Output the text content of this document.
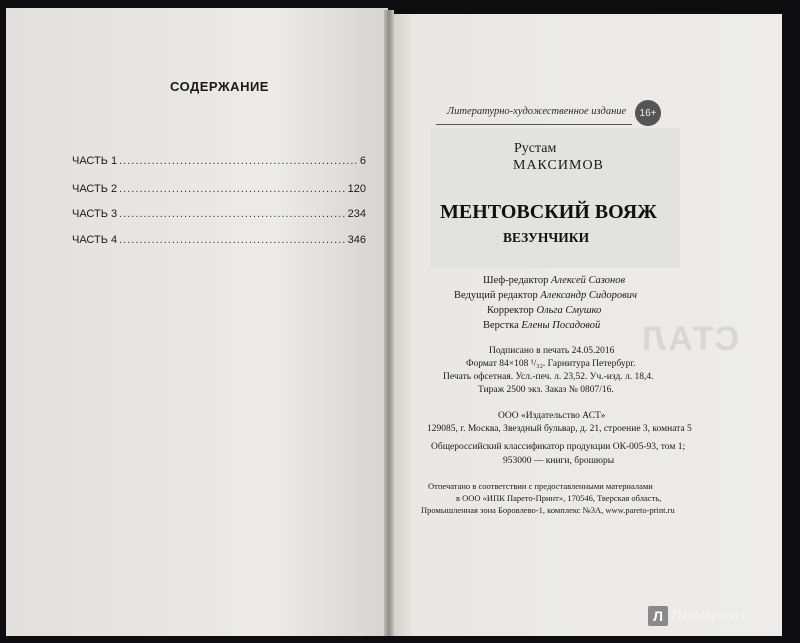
СОДЕРЖАНИЕ
ЧАСТЬ 1 .....	6
ЧАСТЬ 2 .....	120
ЧАСТЬ 3 .....	234
ЧАСТЬ 4 .....	346
Литературно-художественное издание	16+
Рустам
МАКСИМОВ
МЕНТОВСКИЙ ВОЯЖ
ВЕЗУНЧИКИ
Шеф-редактор Алексей Сазонов
Ведущий редактор Александр Сидорович
Корректор Ольга Смушко
Верстка Елены Посадовой
Подписано в печать 24.05.2016
Формат 84×108 ¹/₃₂. Гарнитура Петербург.
Печать офсетная. Усл.-печ. л. 23,52. Уч.-изд. л. 18,4.
Тираж 2500 экз. Заказ № 0807/16.
ООО «Издательство АСТ»
129085, г. Москва, Звездный бульвар, д. 21, строение 3, комната 5
Общероссийский классификатор продукции ОК-005-93, том 1;
953000 — книги, брошюры
Отпечатано в соответствии с предоставленными материалами
в ООО «ИПК Парето-Принт», 170546, Тверская область,
Промышленная зона Боровлево-1, комплекс №3А, www.pareto-print.ru
СТАЛ
Л Лабиринт
